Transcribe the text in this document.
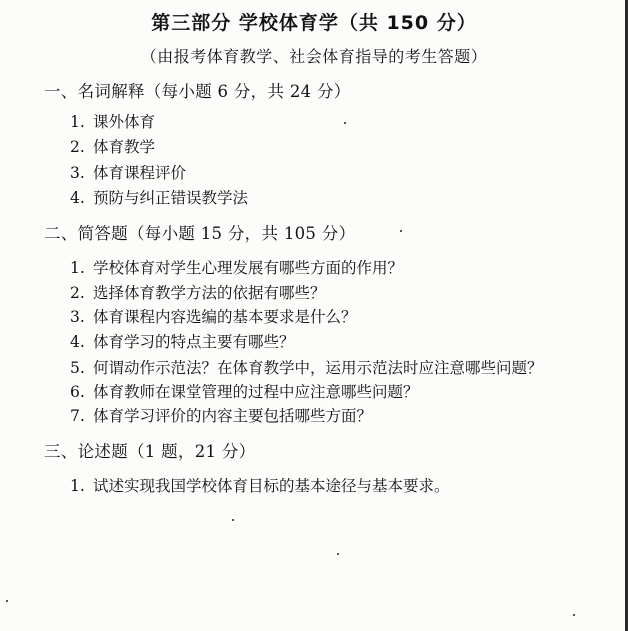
第三部分 学校体育学（共 150 分）
（由报考体育教学、社会体育指导的考生答题）
一、名词解释（每小题 6 分，共 24 分）
1. 课外体育
2. 体育教学
3. 体育课程评价
4. 预防与纠正错误教学法
二、简答题（每小题 15 分，共 105 分）
1. 学校体育对学生心理发展有哪些方面的作用？
2. 选择体育教学方法的依据有哪些？
3. 体育课程内容选编的基本要求是什么？
4. 体育学习的特点主要有哪些？
5. 何谓动作示范法？在体育教学中，运用示范法时应注意哪些问题？
6. 体育教师在课堂管理的过程中应注意哪些问题？
7. 体育学习评价的内容主要包括哪些方面？
三、论述题（1 题，21 分）
1. 试述实现我国学校体育目标的基本途径与基本要求。
